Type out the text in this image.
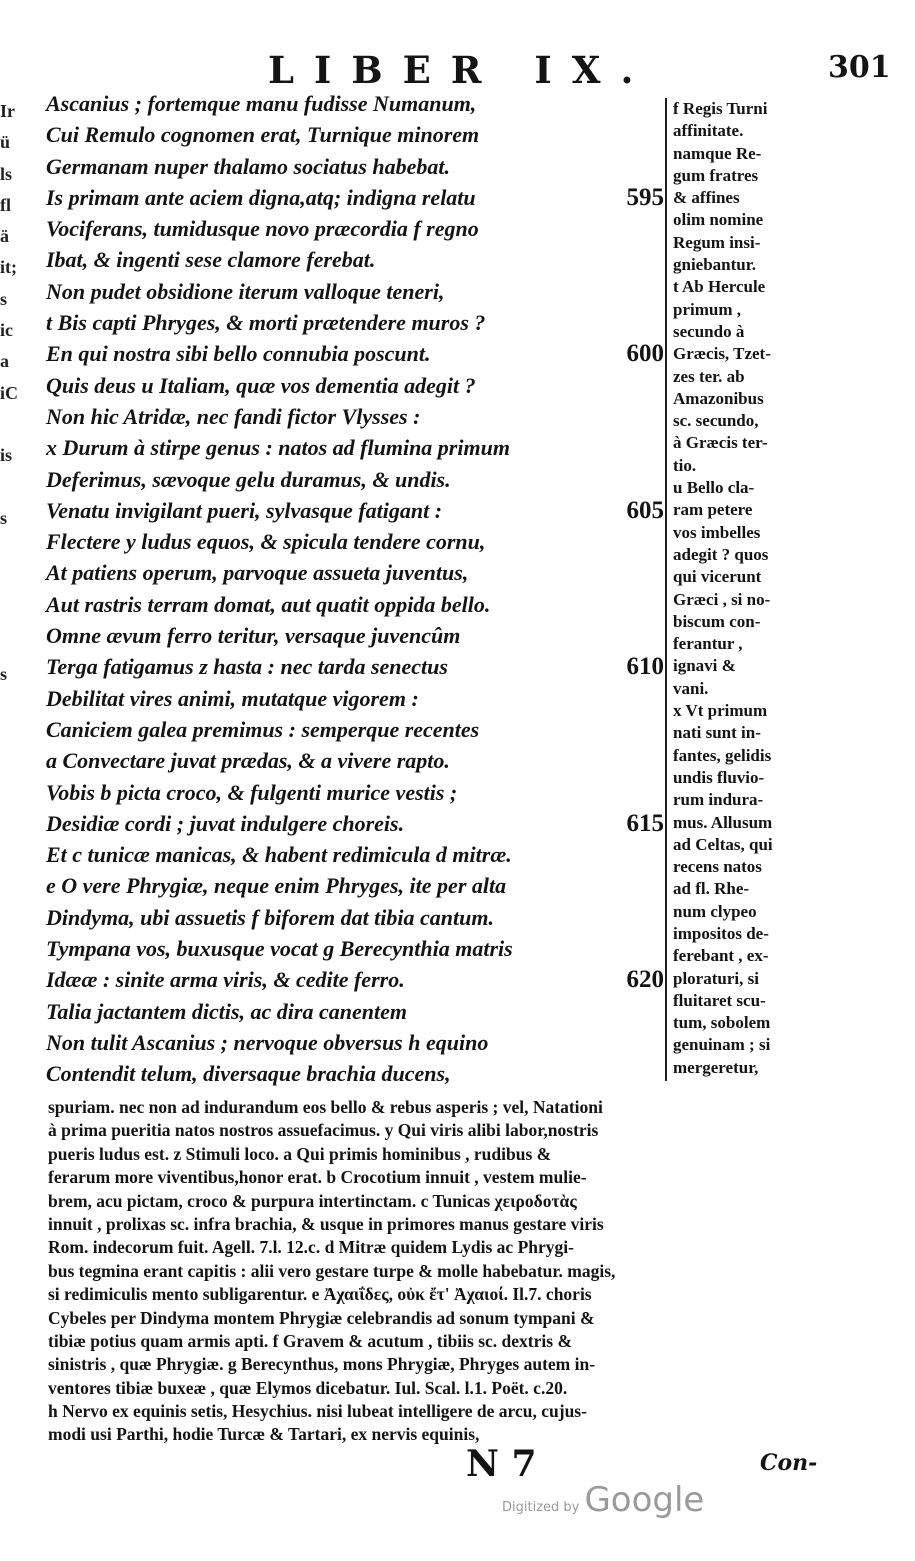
Ir
ü
ls
fl
ä
it;
s
ic
a
iC
is
s
s
LIBER IX.	301
Ascanius ; fortemque manu fudisse Numanum,
Cui Remulo cognomen erat, Turnique minorem
Germanam nuper thalamo sociatus habebat.
Is primam ante aciem digna,atq; indigna relatu	595
Vociferans, tumidusque novo præcordia f regno
Ibat, & ingenti sese clamore ferebat.
Non pudet obsidione iterum valloque teneri,
t Bis capti Phryges, & morti prætendere muros ?
En qui nostra sibi bello connubia poscunt.	600
Quis deus u Italiam, quæ vos dementia adegit ?
Non hic Atridæ, nec fandi fictor Vlysses :
x Durum à stirpe genus : natos ad flumina primum
Deferimus, sævoque gelu duramus, & undis.
Venatu invigilant pueri, sylvasque fatigant :	605
Flectere y ludus equos, & spicula tendere cornu,
At patiens operum, parvoque assueta juventus,
Aut rastris terram domat, aut quatit oppida bello.
Omne ævum ferro teritur, versaque juvencûm
Terga fatigamus z hasta : nec tarda senectus	610
Debilitat vires animi, mutatque vigorem :
Caniciem galea premimus : semperque recentes
a Convectare juvat prædas, & a vivere rapto.
Vobis b picta croco, & fulgenti murice vestis ;
Desidiæ cordi ; juvat indulgere choreis.	615
Et c tunicæ manicas, & habent redimicula d mitræ.
e O vere Phrygiæ, neque enim Phryges, ite per alta
Dindyma, ubi assuetis f biforem dat tibia cantum.
Tympana vos, buxusque vocat g Berecynthia matris
Idææ : sinite arma viris, & cedite ferro.	620
Talia jactantem dictis, ac dira canentem
Non tulit Ascanius ; nervoque obversus h equino
Contendit telum, diversaque brachia ducens,
f Regis Turni
affinitate.
namque Re-
gum fratres
& affines
olim nomine
Regum insi-
gniebantur.
t Ab Hercule
primum ,
secundo à
Græcis, Tzet-
zes ter. ab
Amazonibus
sc. secundo,
à Græcis ter-
tio.
u Bello cla-
ram petere
vos imbelles
adegit ? quos
qui vicerunt
Græci , si no-
biscum con-
ferantur ,
ignavi &
vani.
x Vt primum
nati sunt in-
fantes, gelidis
undis fluvio-
rum indura-
mus. Allusum
ad Celtas, qui
recens natos
ad fl. Rhe-
num clypeo
impositos de-
ferebant , ex-
ploraturi, si
fluitaret scu-
tum, sobolem
genuinam ; si
mergeretur,
spuriam. nec non ad indurandum eos bello & rebus asperis ; vel, Natationi
à prima pueritia natos nostros assuefacimus. y Qui viris alibi labor,nostris
pueris ludus est. z Stimuli loco. a Qui primis hominibus , rudibus &
ferarum more viventibus,honor erat. b Crocotium innuit , vestem mulie-
brem, acu pictam, croco & purpura intertinctam. c Tunicas χειροδοτὰς
innuit , prolixas sc. infra brachia, & usque in primores manus gestare viris
Rom. indecorum fuit. Agell. 7.l. 12.c. d Mitræ quidem Lydis ac Phrygi-
bus tegmina erant capitis : alii vero gestare turpe & molle habebatur. magis,
si redimiculis mento subligarentur. e Ἀχαιΐδες, οὐκ ἔτ' Ἀχαιοί. Il.7. choris
Cybeles per Dindyma montem Phrygiæ celebrandis ad sonum tympani &
tibiæ potius quam armis apti. f Gravem & acutum , tibiis sc. dextris &
sinistris , quæ Phrygiæ. g Berecynthus, mons Phrygiæ, Phryges autem in-
ventores tibiæ buxeæ , quæ Elymos dicebatur. Iul. Scal. l.1. Poët. c.20.
h Nervo ex equinis setis, Hesychius. nisi lubeat intelligere de arcu, cujus-
modi usi Parthi, hodie Turcæ & Tartari, ex nervis equinis,
N 7	Con-
Digitized by Google
